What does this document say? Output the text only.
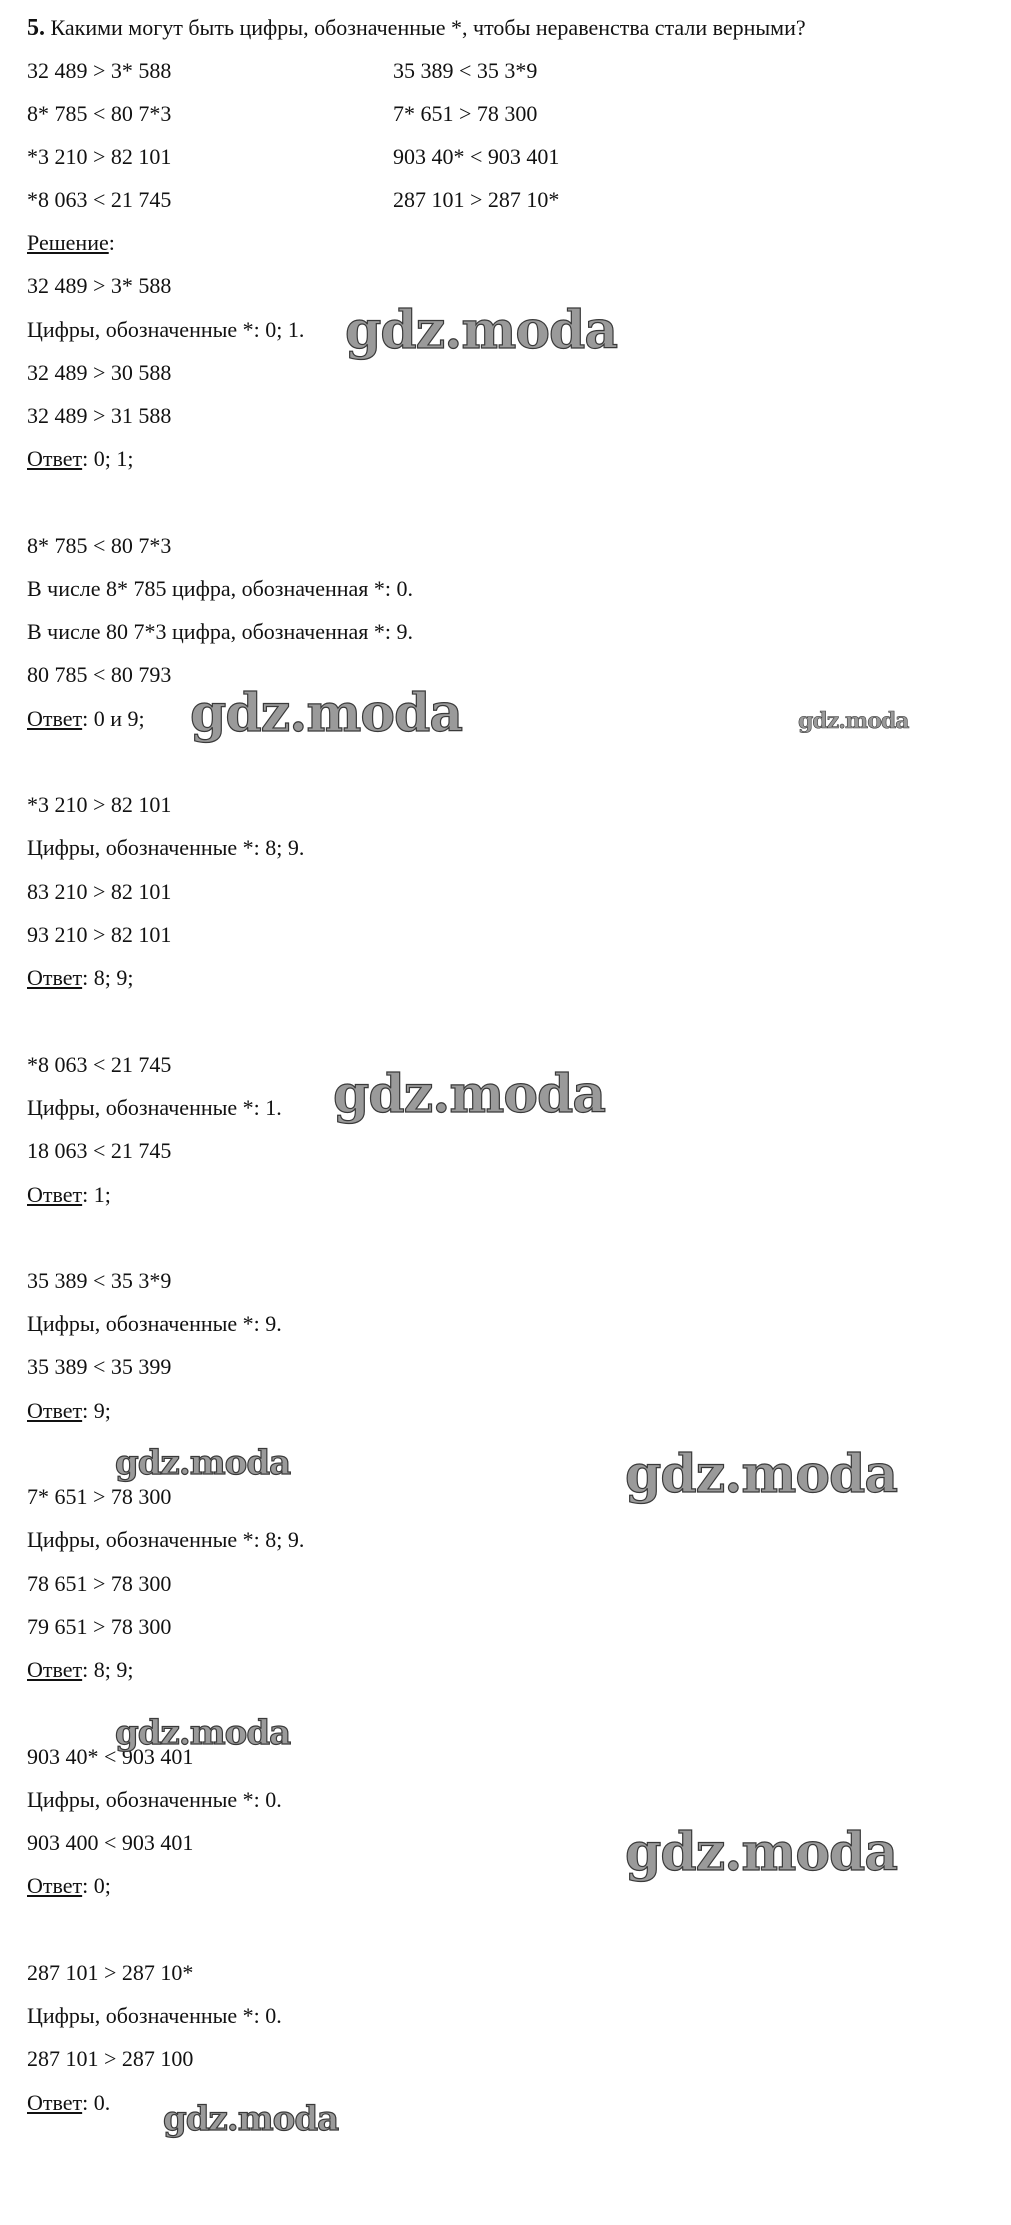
5. Какими могут быть цифры, обозначенные *, чтобы неравенства стали верными?
32 489 > 3* 588	35 389 < 35 3*9
8* 785 < 80 7*3	7* 651 > 78 300
*3 210 > 82 101	903 40* < 903 401
*8 063 < 21 745	287 101 > 287 10*
Решение:
32 489 > 3* 588
Цифры, обозначенные *: 0; 1.
32 489 > 30 588
32 489 > 31 588
Ответ: 0; 1;
8* 785 < 80 7*3
В числе 8* 785 цифра, обозначенная *: 0.
В числе 80 7*3 цифра, обозначенная *: 9.
80 785 < 80 793
Ответ: 0 и 9;
*3 210 > 82 101
Цифры, обозначенные *: 8; 9.
83 210 > 82 101
93 210 > 82 101
Ответ: 8; 9;
*8 063 < 21 745
Цифры, обозначенные *: 1.
18 063 < 21 745
Ответ: 1;
35 389 < 35 3*9
Цифры, обозначенные *: 9.
35 389 < 35 399
Ответ: 9;
7* 651 > 78 300
Цифры, обозначенные *: 8; 9.
78 651 > 78 300
79 651 > 78 300
Ответ: 8; 9;
903 40* < 903 401
Цифры, обозначенные *: 0.
903 400 < 903 401
Ответ: 0;
287 101 > 287 10*
Цифры, обозначенные *: 0.
287 101 > 287 100
Ответ: 0.
gdz.moda
gdz.moda	gdz.moda
gdz.moda
gdz.moda	gdz.moda
gdz.moda
gdz.moda
gdz.moda
